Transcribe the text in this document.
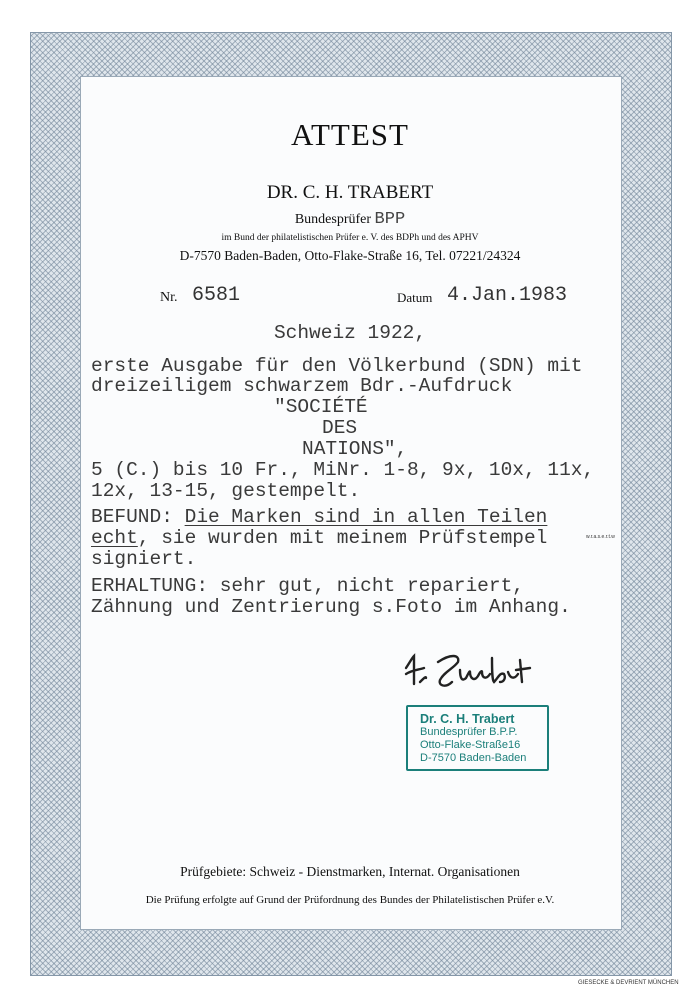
ATTEST
DR. C. H. TRABERT
Bundesprüfer BPP
im Bund der philatelistischen Prüfer e. V. des BDPh und des APHV
D-7570 Baden-Baden, Otto-Flake-Straße 16, Tel. 07221/24324
Nr. 6581	Datum 4.Jan.1983
Schweiz 1922,
erste Ausgabe für den Völkerbund (SDN) mit
dreizeiligem schwarzem Bdr.-Aufdruck
"SOCIÉTÉ
DES
NATIONS",
5 (C.) bis 10 Fr., MiNr. 1-8, 9x, 10x, 11x,
12x, 13-15, gestempelt.
BEFUND: Die Marken sind in allen Teilen
echt, sie wurden mit meinem Prüfstempel	w.r.a.s.e.r.t.w
signiert.
ERHALTUNG: sehr gut, nicht repariert,
Zähnung und Zentrierung s.Foto im Anhang.
Dr. C. H. Trabert
Bundesprüfer B.P.P.
Otto-Flake-Straße16
D-7570 Baden-Baden
Prüfgebiete: Schweiz - Dienstmarken, Internat. Organisationen
Die Prüfung erfolgte auf Grund der Prüfordnung des Bundes der Philatelistischen Prüfer e.V.
GIESECKE & DEVRIENT MÜNCHEN
